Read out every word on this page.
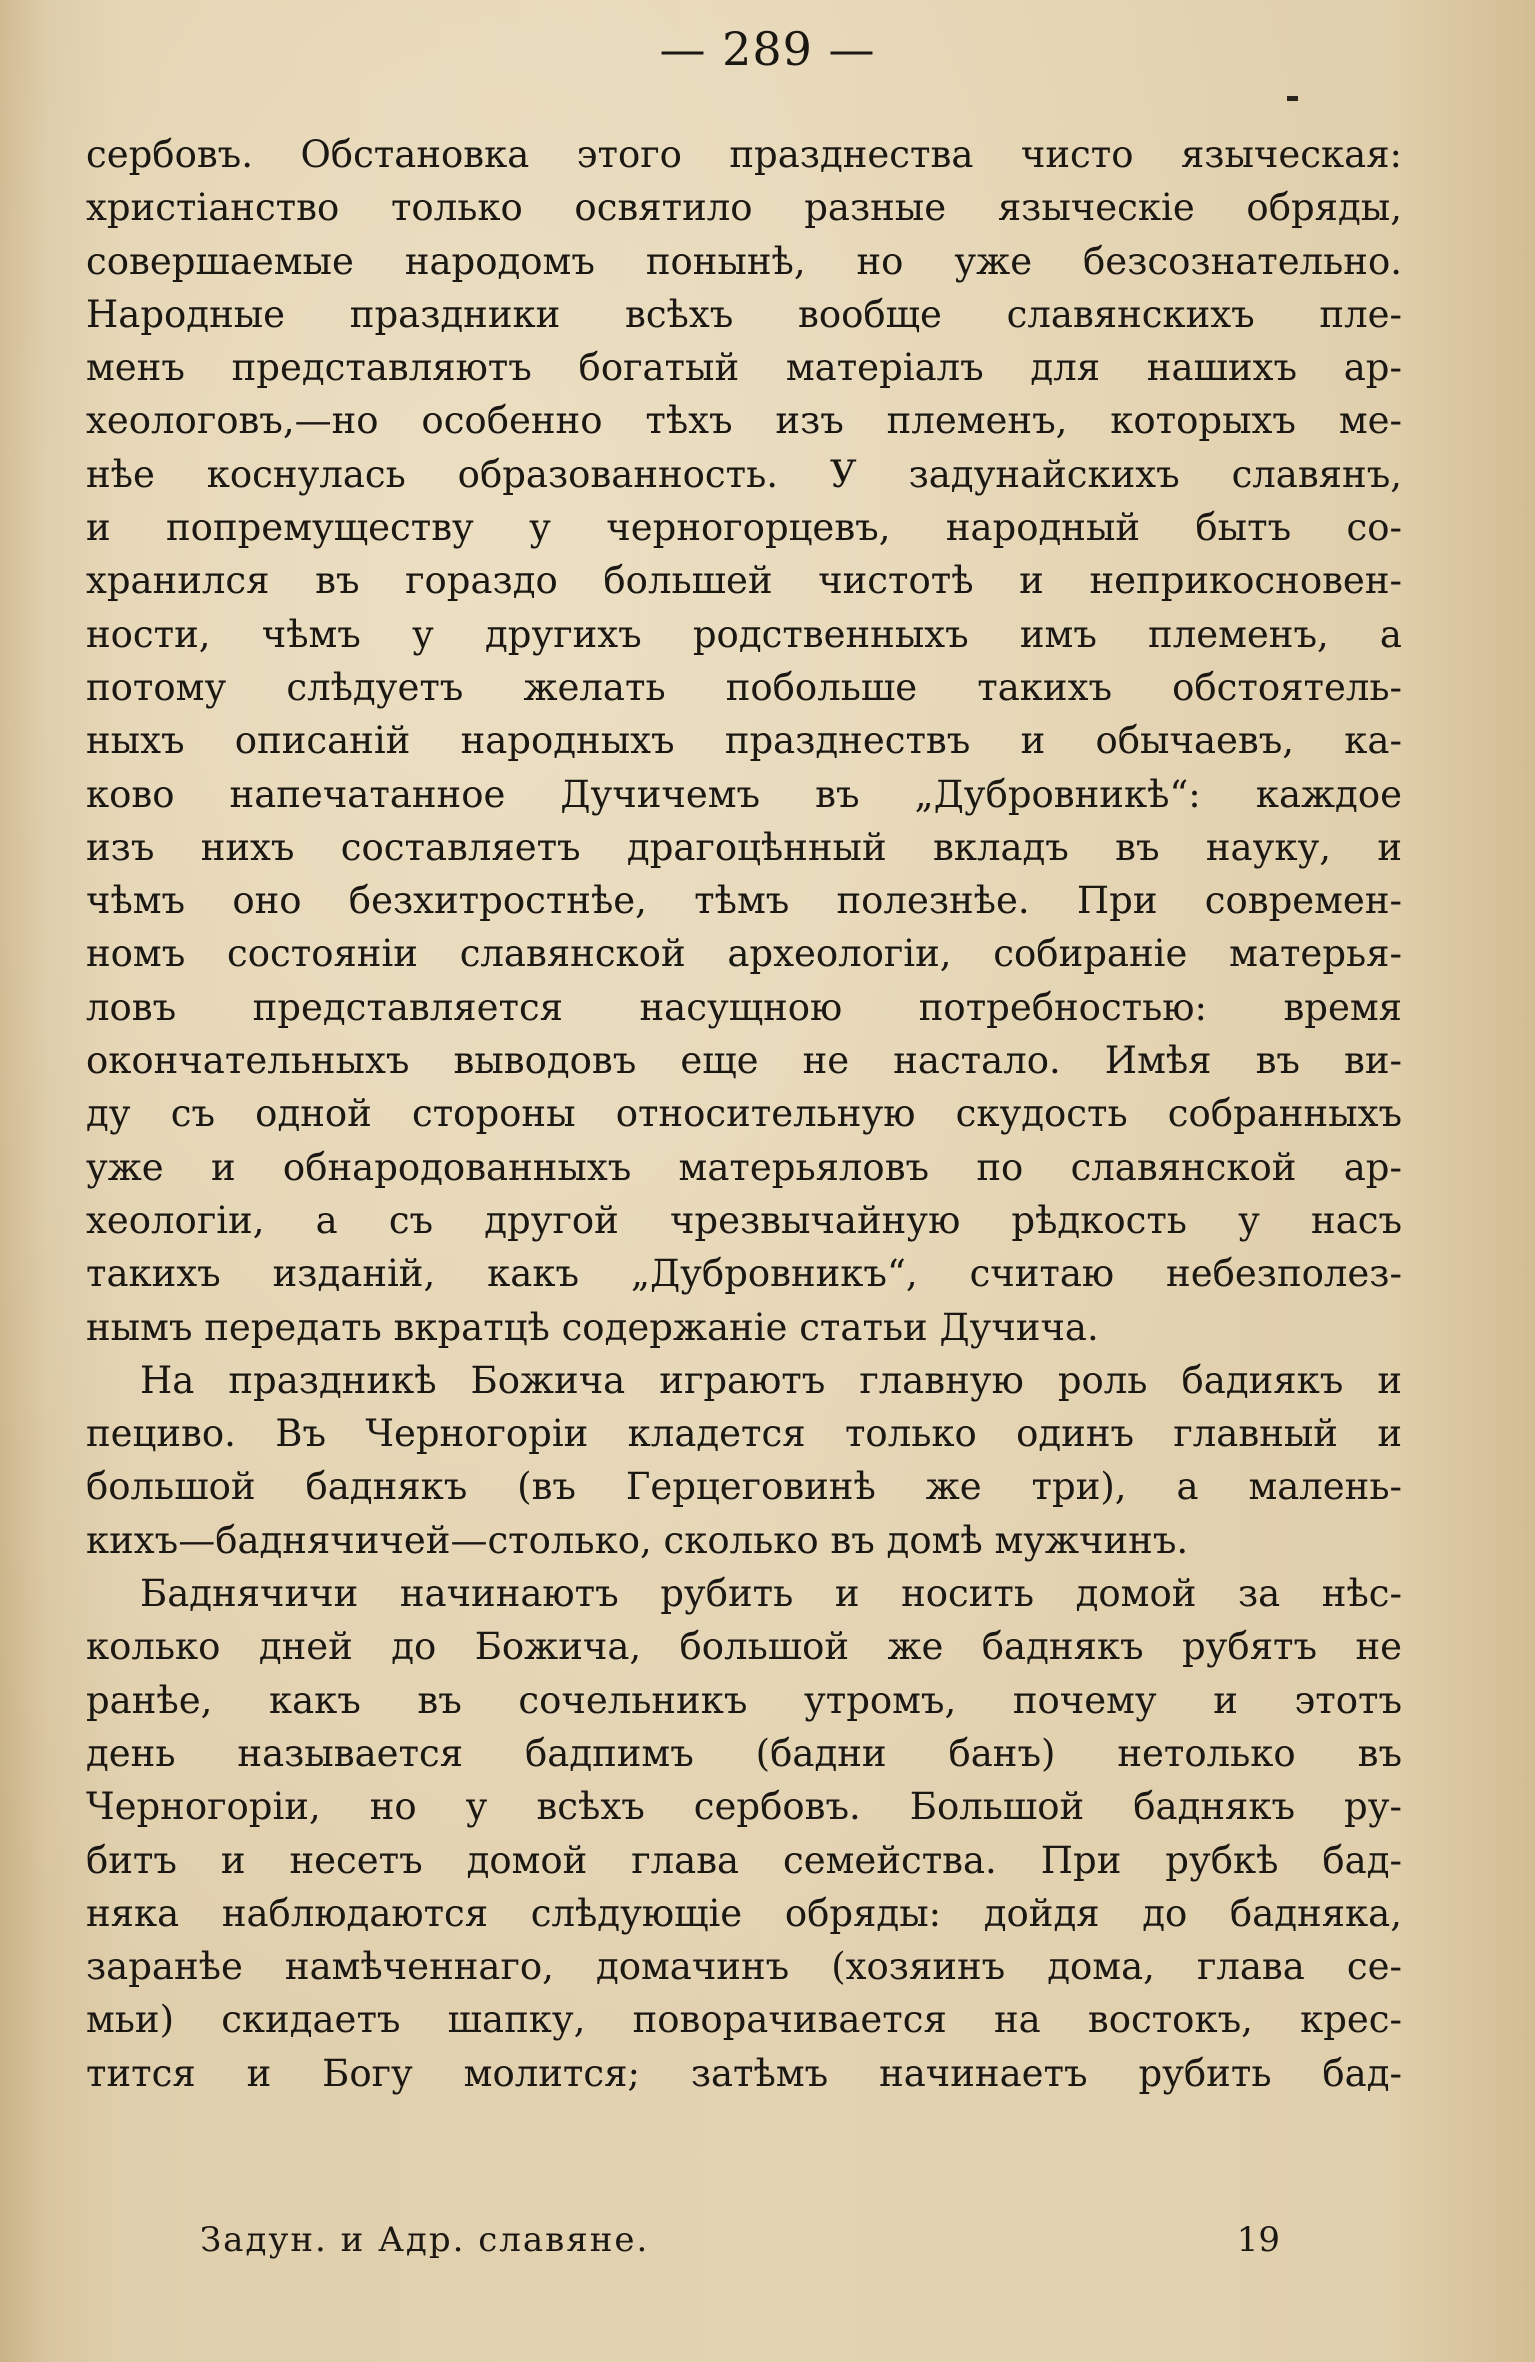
— 289 —
сербовъ. Обстановка этого празднества чисто языческая:
христіанство только освятило разные языческіе обряды,
совершаемые народомъ понынѣ, но уже безсознательно.
Народные праздники всѣхъ вообще славянскихъ пле-
менъ представляютъ богатый матеріалъ для нашихъ ар-
хеологовъ,—но особенно тѣхъ изъ племенъ, которыхъ ме-
нѣе коснулась образованность. У задунайскихъ славянъ,
и попремуществу у черногорцевъ, народный бытъ со-
хранился въ гораздо большей чистотѣ и неприкосновен-
ности, чѣмъ у другихъ родственныхъ имъ племенъ, а
потому слѣдуетъ желать побольше такихъ обстоятель-
ныхъ описаній народныхъ празднествъ и обычаевъ, ка-
ково напечатанное Дучичемъ въ „Дубровникѣ“: каждое
изъ нихъ составляетъ драгоцѣнный вкладъ въ науку, и
чѣмъ оно безхитростнѣе, тѣмъ полезнѣе. При современ-
номъ состояніи славянской археологіи, собираніе матерья-
ловъ представляется насущною потребностью: время
окончательныхъ выводовъ еще не настало. Имѣя въ ви-
ду съ одной стороны относительную скудость собранныхъ
уже и обнародованныхъ матерьяловъ по славянской ар-
хеологіи, а съ другой чрезвычайную рѣдкость у насъ
такихъ изданій, какъ „Дубровникъ“, считаю небезполез-
нымъ передать вкратцѣ содержаніе статьи Дучича.
На праздникѣ Божича играютъ главную роль бадиякъ и
пециво. Въ Черногоріи кладется только одинъ главный и
большой баднякъ (въ Герцеговинѣ же три), а малень-
кихъ—баднячичей—столько, сколько въ домѣ мужчинъ.
Баднячичи начинаютъ рубить и носить домой за нѣс-
колько дней до Божича, большой же баднякъ рубятъ не
ранѣе, какъ въ сочельникъ утромъ, почему и этотъ
день называется бадпимъ (бадни банъ) нетолько въ
Черногоріи, но у всѣхъ сербовъ. Большой баднякъ ру-
битъ и несетъ домой глава семейства. При рубкѣ бад-
няка наблюдаются слѣдующіе обряды: дойдя до бадняка,
заранѣе намѣченнаго, домачинъ (хозяинъ дома, глава се-
мьи) скидаетъ шапку, поворачивается на востокъ, крес-
тится и Богу молится; затѣмъ начинаетъ рубить бад-
Задун. и Адр. славяне.	19
